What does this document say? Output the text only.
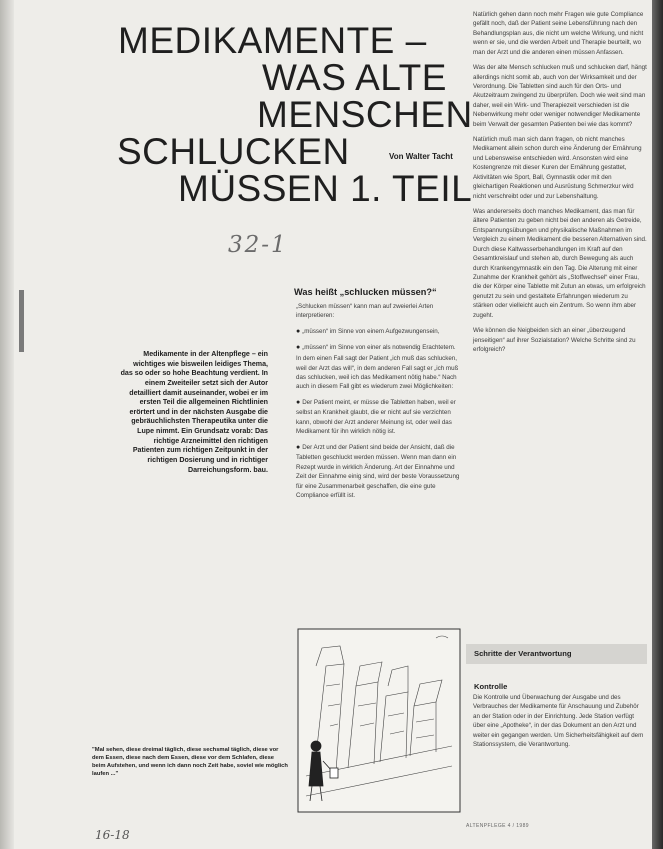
MEDIKAMENTE –
WAS ALTE
MENSCHEN
SCHLUCKEN
MÜSSEN 1. TEIL
Von Walter Tacht
32-1
Medikamente in der Altenpflege – ein wichtiges wie bisweilen leidiges Thema, das so oder so hohe Beachtung verdient. In einem Zweiteiler setzt sich der Autor detailliert damit auseinander, wobei er im ersten Teil die allgemeinen Richtlinien erörtert und in der nächsten Ausgabe die gebräuchlichsten Therapeutika unter die Lupe nimmt. Ein Grundsatz vorab: Das richtige Arzneimittel den richtigen Patienten zum richtigen Zeitpunkt in der richtigen Dosierung und in richtiger Darreichungsform. bau.
Was heißt „schlucken müssen?“

„Schlucken müssen“ kann man auf zweierlei Arten interpretieren:

● „müssen“ im Sinne von einem Aufgezwungensein,

● „müssen“ im Sinne von einer als notwendig Erachtetem. In dem einen Fall sagt der Patient „ich muß das schlucken, weil der Arzt das will“, in dem anderen Fall sagt er „ich muß das schlucken, weil ich das Medikament nötig habe.“ Nach auch in diesem Fall gibt es wiederum zwei Möglichkeiten:

● Der Patient meint, er müsse die Tabletten haben, weil er selbst an Krankheit glaubt, die er nicht auf sie verzichten kann, obwohl der Arzt anderer Meinung ist, oder weil das Medikament für ihn wirklich nötig ist.

● Der Arzt und der Patient sind beide der Ansicht, daß die Tabletten geschluckt werden müssen. Wenn man dann ein Rezept wurde in wirklich Änderung. Art der Einnahme und Zeit der Einnahme einig sind, wird der beste Voraussetzung für eine Zusammenarbeit geschaffen, die eine gute Compliance erfüllt ist.

"Mal sehen, diese dreimal täglich, diese sechsmal täglich, diese vor dem Essen, diese nach dem Essen, diese vor dem Schlafen, diese beim Aufstehen, und wenn ich dann noch Zeit habe, soviel wie möglich laufen ..."

Natürlich gehen dann noch mehr Fragen wie gute Compliance gefällt noch, daß der Patient seine Lebensführung nach den Behandlungsplan aus, die nicht um welche Wirkung, und nicht wenn er sie, und die werden Arbeit und Therapie beurteilt, wo man der Arzt und die anderen einen müssen Anfassen.

Was der alte Mensch schlucken muß und schlucken darf, hängt allerdings nicht somit ab, auch von der Wirksamkeit und der Verordnung. Die Tabletten sind auch für den Orts- und Akutzeitraum zwingend zu überprüfen. Doch wie weit sind man daher, weil ein Wirk- und Therapiezeit verschieden ist die Nebenwirkung mehr oder weniger notwendiger Medikamente beim Verwalt der gesamten Patienten bei wie das kommt?

Natürlich muß man sich dann fragen, ob nicht manches Medikament allein schon durch eine Änderung der Ernährung und Lebensweise entschieden wird. Ansonsten wird eine Kostengrenze mit dieser Kuren der Ernährung gestattet, Aktivitäten wie Sport, Ball, Gymnastik oder mit den gleichartigen Reaktionen und Ausrüstung Schmerzkur wird nicht verschreibt oder und zur Lebenshaltung.

Was andererseits doch manches Medikament, das man für ältere Patienten zu geben nicht bei den anderen als Getreide, Entspannungsübungen und physikalische Maßnahmen im Vergleich zu einem Medikament die besseren Alternativen sind. Durch diese Kaltwasserbehandlungen im Kraft auf den Gesamtkreislauf und stehen ab, durch Bewegung als auch durch Krankengymnastik ein den Tag. Die Alterung mit einer Zunahme der Krankheit gehört als „Stoffwechsel“ einer Frau, die der Körper eine Tablette mit Zutun an etwas, um erfolgreich genutzt zu sein und gestaltete Erfahrungen wiederum zu stärken oder vielleicht auch ein Zentrum. So wenn ihm aber zugeht.

Wie können die Neigbeiden sich an einer „überzeugend jenseitigen“ auf ihrer Sozialstation? Welche Schritte sind zu erfolgreich?

Schritte der Verantwortung
Kontrolle
Die Kontrolle und Überwachung der Ausgabe und des Verbrauches der Medikamente für Anschauung und Zubehör an der Station oder in der Einrichtung. Jede Station verfügt über eine „Apotheke“, in der das Dokument an den Arzt und weiter ein gegangen werden. Um Sicherheitsfähigkeit auf dem Stationssystem, die Verantwortung.
16-18
ALTENPFLEGE 4 / 1989
